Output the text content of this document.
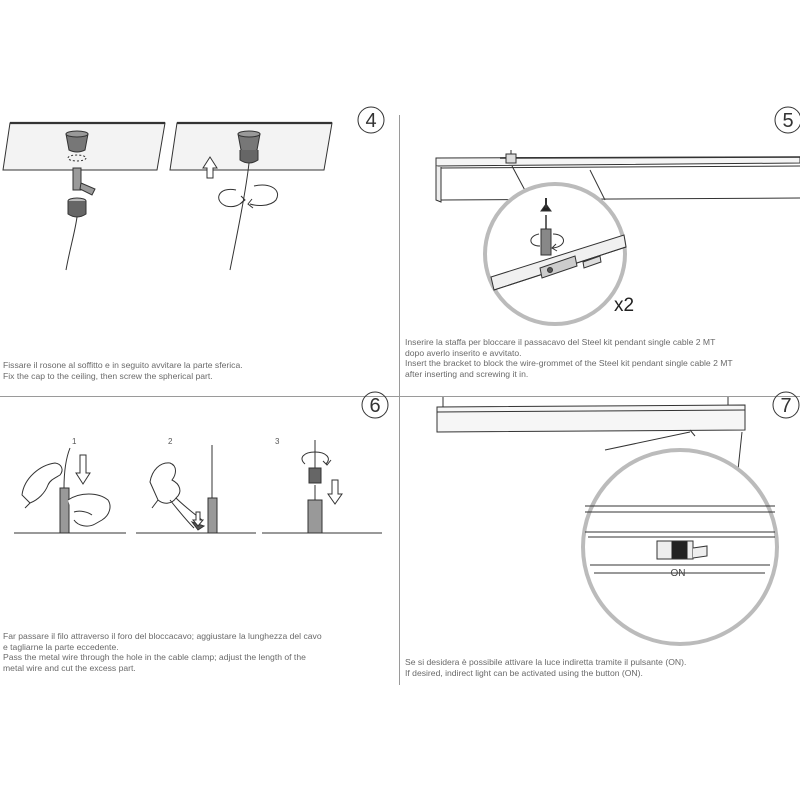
4
x2
5
6
1	2	3
7
ON
Fissare il rosone al soffitto e in seguito avvitare la parte sferica.
Fix the cap to the ceiling, then screw the spherical part.
Inserire la staffa per bloccare il passacavo del Steel kit pendant single cable 2 MT
dopo averlo inserito e avvitato.
Insert the bracket to block the wire-grommet of the Steel kit pendant single cable 2 MT
after inserting and screwing it in.
Far passare il filo attraverso il foro del bloccacavo; aggiustare la lunghezza del cavo
e tagliarne la parte eccedente.
Pass the metal wire through the hole in the cable clamp; adjust the length of the
metal wire and cut the excess part.
Se si desidera è possibile attivare la luce indiretta tramite il pulsante (ON).
If desired, indirect light can be activated using the button (ON).
